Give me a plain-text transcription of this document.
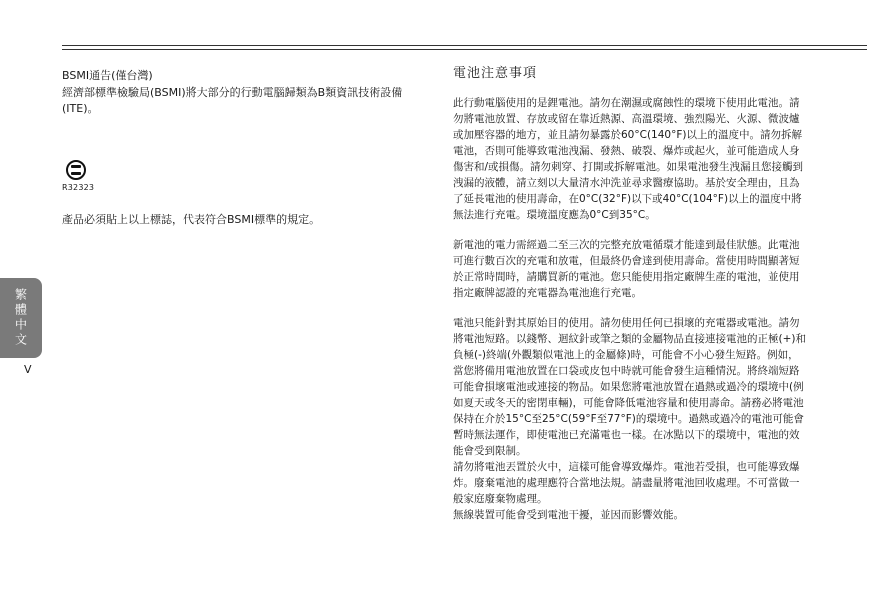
BSMI通告(僅台灣)

經濟部標準檢驗局(BSMI)將大部分的行動電腦歸類為B類資訊技術設備(ITE)。

R32323

產品必須貼上以上標誌，代表符合BSMI標準的規定。

繁體中文
V
電池注意事項

此行動電腦使用的是鋰電池。請勿在潮濕或腐蝕性的環境下使用此電池。請勿將電池放置、存放或留在靠近熱源、高溫環境、強烈陽光、火源、微波爐或加壓容器的地方，並且請勿暴露於60°C(140°F)以上的溫度中。請勿拆解電池，否則可能導致電池洩漏、發熱、破裂、爆炸或起火，並可能造成人身傷害和/或損傷。請勿刺穿、打開或拆解電池。如果電池發生洩漏且您接觸到洩漏的液體，請立刻以大量清水沖洗並尋求醫療協助。基於安全理由，且為了延長電池的使用壽命，在0°C(32°F)以下或40°C(104°F)以上的溫度中將無法進行充電。環境溫度應為0°C到35°C。

新電池的電力需經過二至三次的完整充放電循環才能達到最佳狀態。此電池可進行數百次的充電和放電，但最終仍會達到使用壽命。當使用時間顯著短於正常時間時，請購買新的電池。您只能使用指定廠牌生產的電池，並使用指定廠牌認證的充電器為電池進行充電。

電池只能針對其原始目的使用。請勿使用任何已損壞的充電器或電池。請勿將電池短路。以錢幣、迴紋針或筆之類的金屬物品直接連接電池的正極(+)和負極(-)終端(外觀類似電池上的金屬條)時，可能會不小心發生短路。例如，當您將備用電池放置在口袋或皮包中時就可能會發生這種情況。將終端短路可能會損壞電池或連接的物品。如果您將電池放置在過熱或過冷的環境中(例如夏天或冬天的密閉車輛)，可能會降低電池容量和使用壽命。請務必將電池保持在介於15°C至25°C(59°F至77°F)的環境中。過熱或過冷的電池可能會暫時無法運作，即使電池已充滿電也一樣。在冰點以下的環境中，電池的效能會受到限制。

請勿將電池丟置於火中，這樣可能會導致爆炸。電池若受損，也可能導致爆炸。廢棄電池的處理應符合當地法規。請盡量將電池回收處理。不可當做一般家庭廢棄物處理。

無線裝置可能會受到電池干擾，並因而影響效能。
